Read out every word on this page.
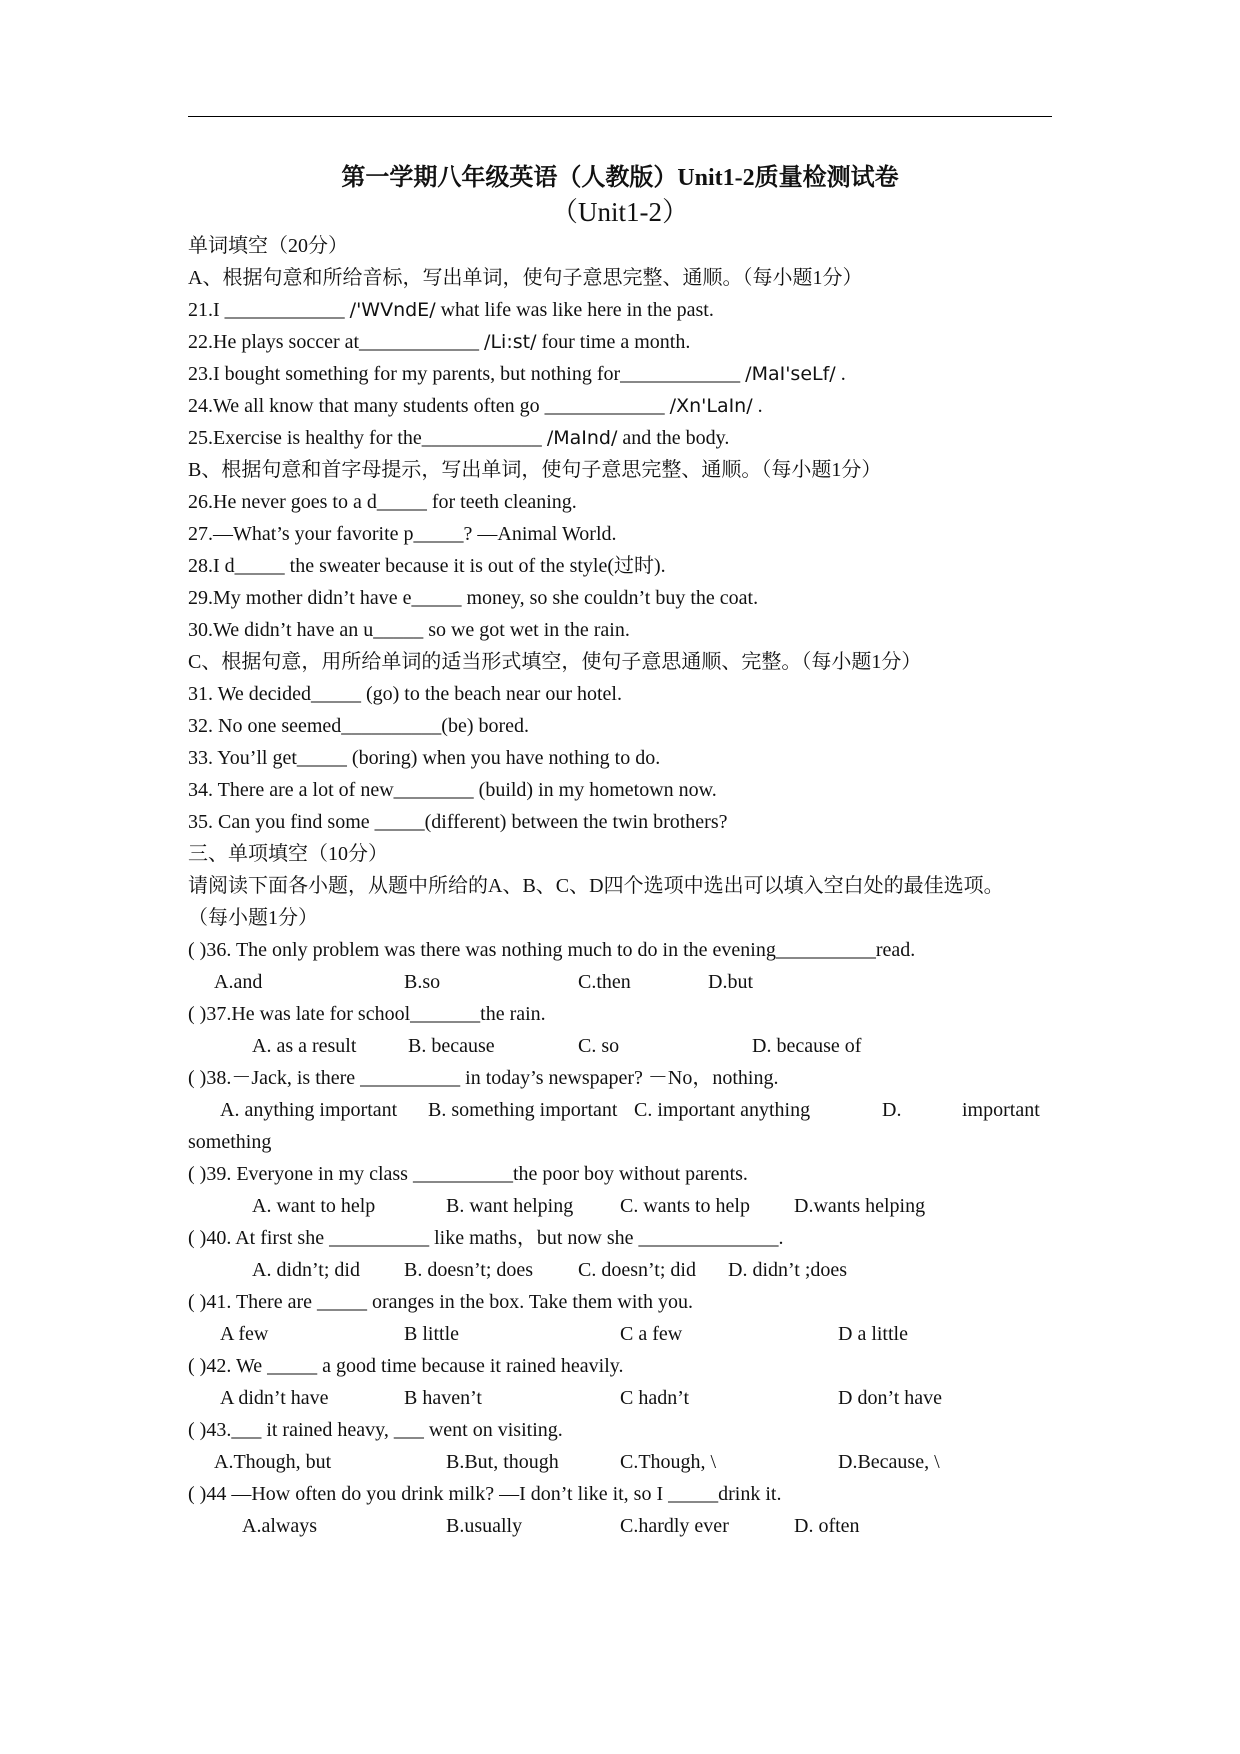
第一学期八年级英语（人教版）Unit1-2质量检测试卷
（Unit1-2）
单词填空（20分）
A、根据句意和所给音标，写出单词，使句子意思完整、通顺。（每小题1分）
21.I ____________ /'WVndE/ what life was like here in the past.
22.He plays soccer at____________ /Li:st/ four time a month.
23.I bought something for my parents, but nothing for____________ /MaI'seLf/ .
24.We all know that many students often go ____________ /Xn'LaIn/ .
25.Exercise is healthy for the____________ /MaInd/ and the body.
B、根据句意和首字母提示，写出单词，使句子意思完整、通顺。（每小题1分）
26.He never goes to a d_____ for teeth cleaning.
27.—What’s your favorite p_____? —Animal World.
28.I d_____ the sweater because it is out of the style(过时).
29.My mother didn’t have e_____ money, so she couldn’t buy the coat.
30.We didn’t have an u_____ so we got wet in the rain.
C、根据句意，用所给单词的适当形式填空，使句子意思通顺、完整。（每小题1分）
31. We decided_____ (go) to the beach near our hotel.
32. No one seemed__________(be) bored.
33. You’ll get_____ (boring) when you have nothing to do.
34. There are a lot of new________ (build) in my hometown now.
35. Can you find some _____(different) between the twin brothers?
三、单项填空（10分）
请阅读下面各小题，从题中所给的A、B、C、D四个选项中选出可以填入空白处的最佳选项。
（每小题1分）
( )36. The only problem was there was nothing much to do in the evening__________read.
A.and	B.so	C.then	D.but
( )37.He was late for school_______the rain.
A. as a result	B. because	C. so	D. because of
( )38.－Jack, is there __________ in today’s newspaper? －No，nothing.
A. anything important B. something important C. important anything	D.	important
something
( )39. Everyone in my class __________the poor boy without parents.
A. want to help	B. want helping C. wants to help D.wants helping
( )40. At first she __________ like maths，but now she ______________.
A. didn’t; did B. doesn’t; does C. doesn’t; did D. didn’t ;does
( )41. There are _____ oranges in the box. Take them with you.
A few	B little	C a few	D a little
( )42. We _____ a good time because it rained heavily.
A didn’t have	B haven’t	C hadn’t	D don’t have
( )43.___ it rained heavy, ___ went on visiting.
A.Though, but	B.But, though	C.Though, \	D.Because, \
( )44 —How often do you drink milk? —I don’t like it, so I _____drink it.
A.always	B.usually	C.hardly ever	D. often
